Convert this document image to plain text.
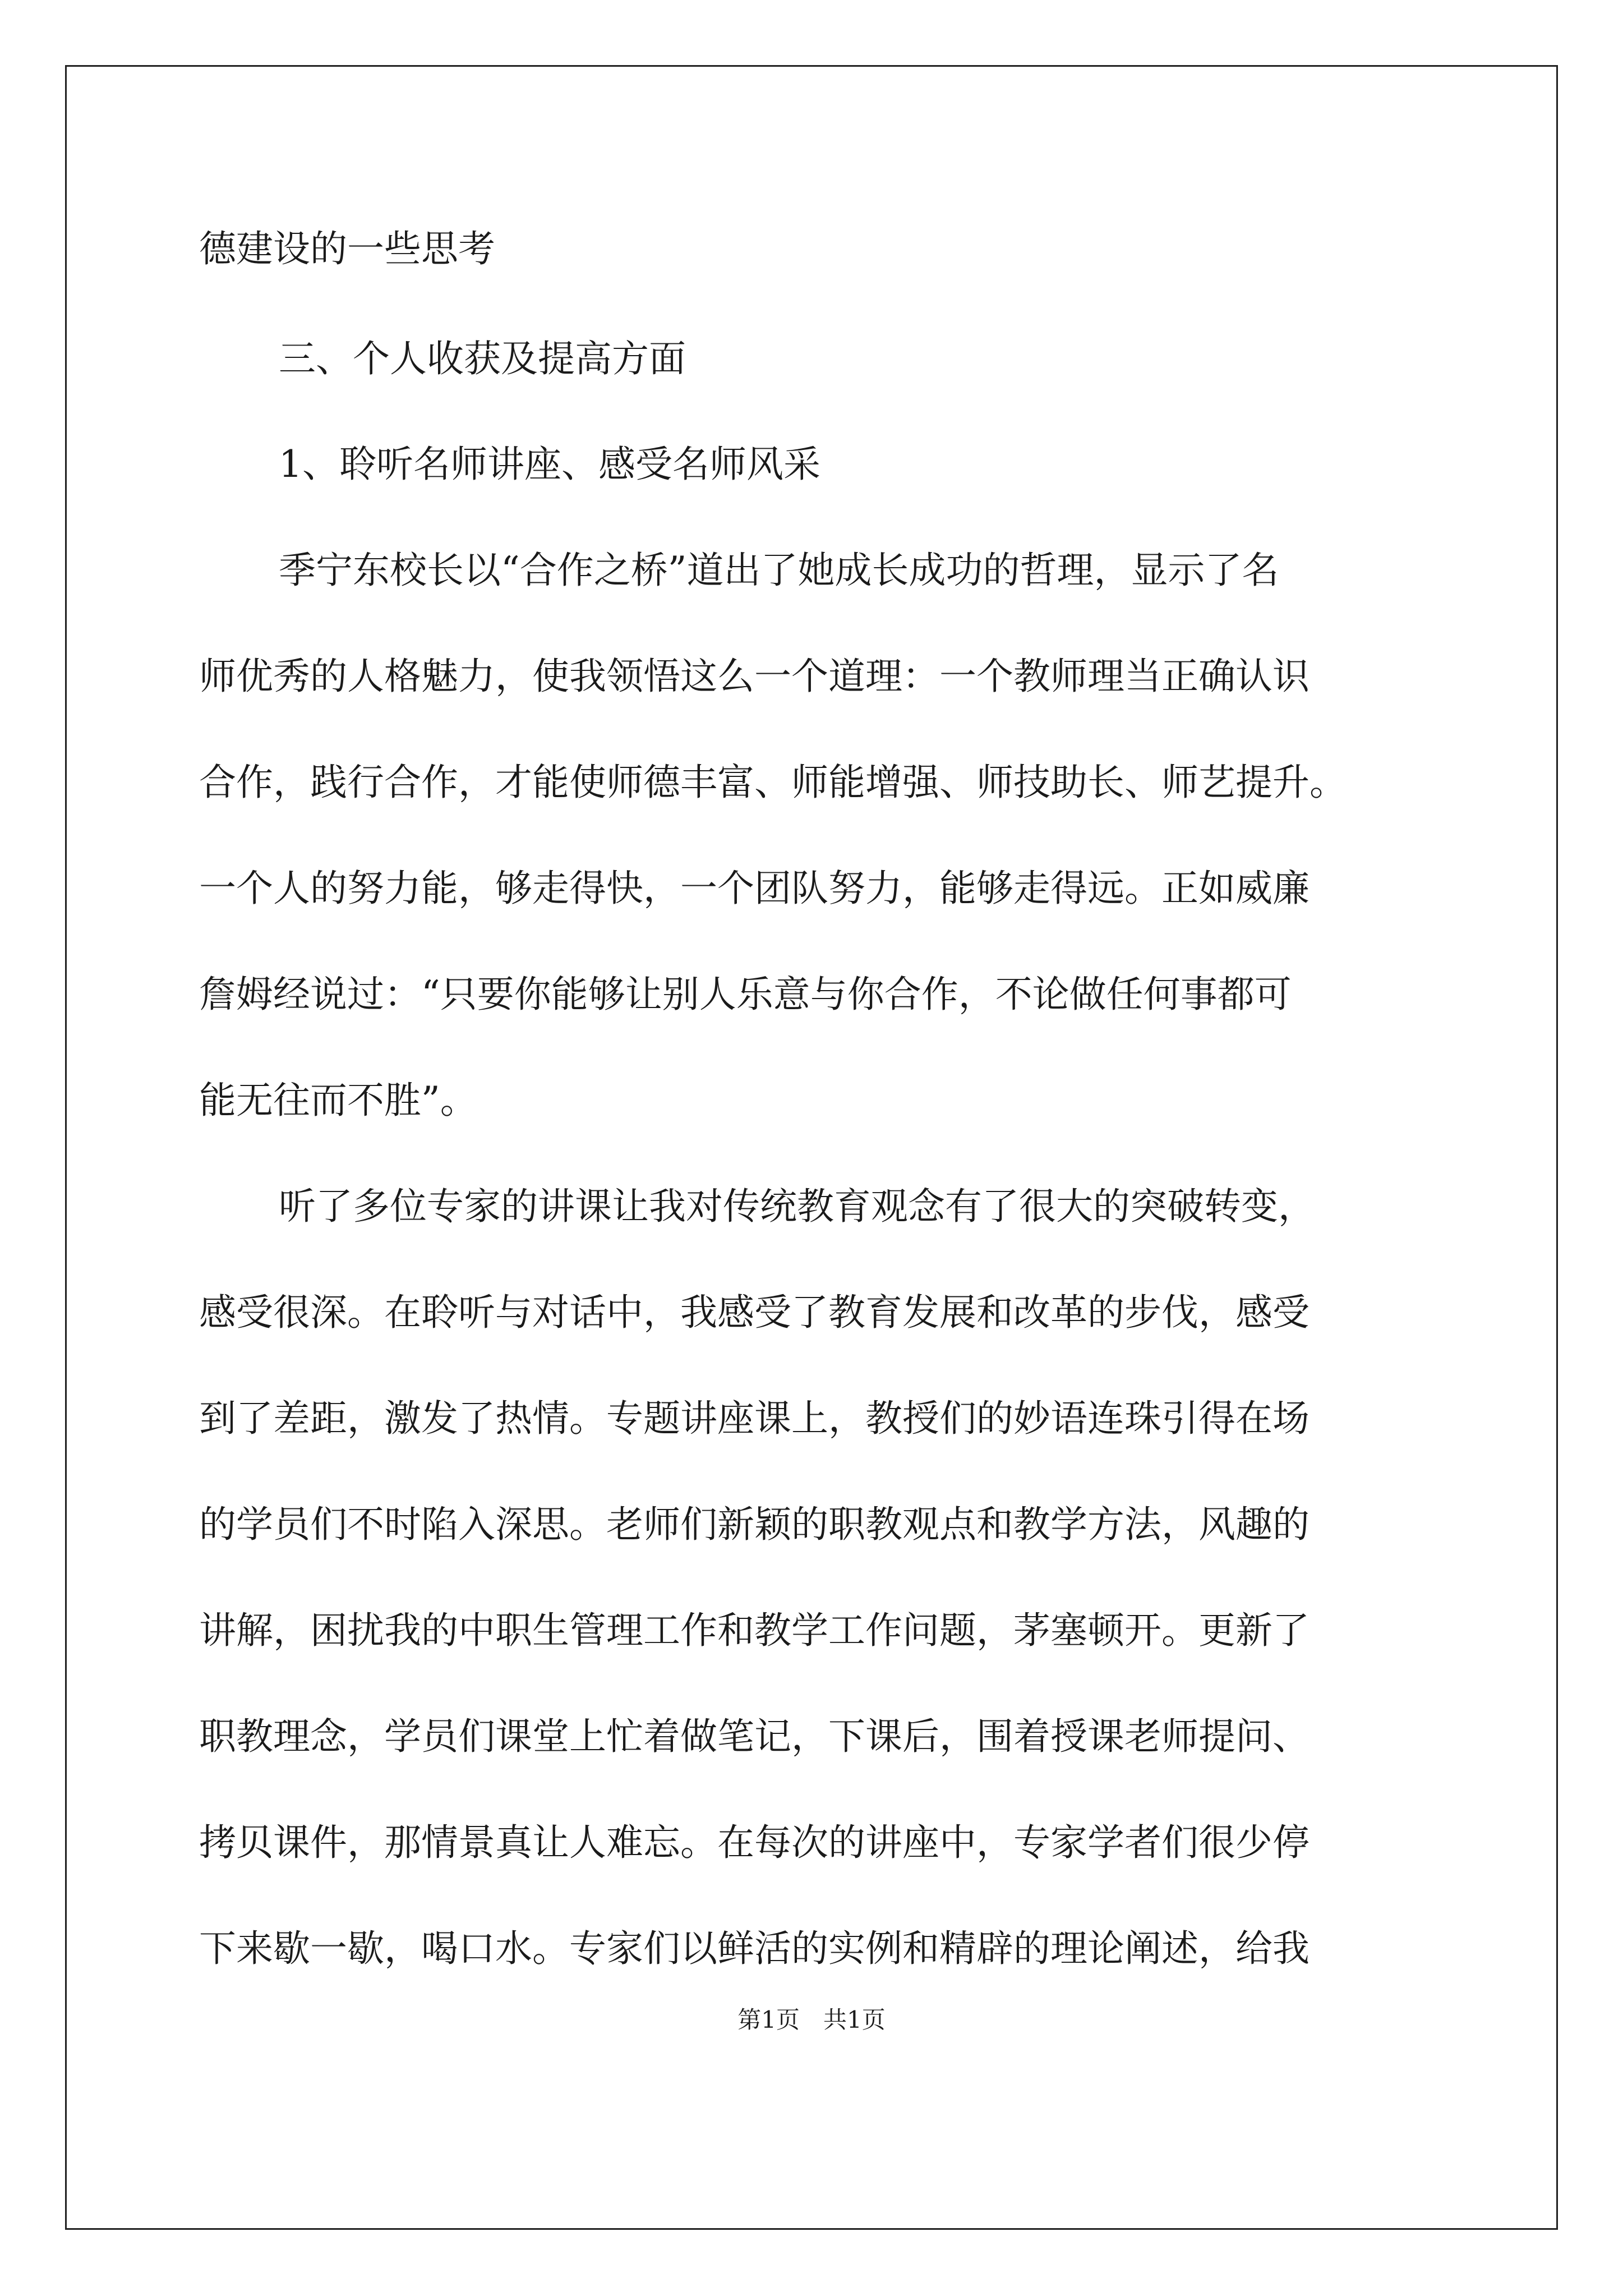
德建设的一些思考
三、个人收获及提高方面
1、聆听名师讲座、感受名师风采
季宁东校长以“合作之桥”道出了她成长成功的哲理，显示了名
师优秀的人格魅力，使我领悟这么一个道理：一个教师理当正确认识
合作，践行合作，才能使师德丰富、师能增强、师技助长、师艺提升。
一个人的努力能，够走得快，一个团队努力，能够走得远。正如威廉
詹姆经说过：“只要你能够让别人乐意与你合作，不论做任何事都可
能无往而不胜”。
听了多位专家的讲课让我对传统教育观念有了很大的突破转变，
感受很深。在聆听与对话中，我感受了教育发展和改革的步伐，感受
到了差距，激发了热情。专题讲座课上，教授们的妙语连珠引得在场
的学员们不时陷入深思。老师们新颖的职教观点和教学方法，风趣的
讲解，困扰我的中职生管理工作和教学工作问题，茅塞顿开。更新了
职教理念，学员们课堂上忙着做笔记，下课后，围着授课老师提问、
拷贝课件，那情景真让人难忘。在每次的讲座中，专家学者们很少停
下来歇一歇，喝口水。专家们以鲜活的实例和精辟的理论阐述，给我
第1页　共1页
